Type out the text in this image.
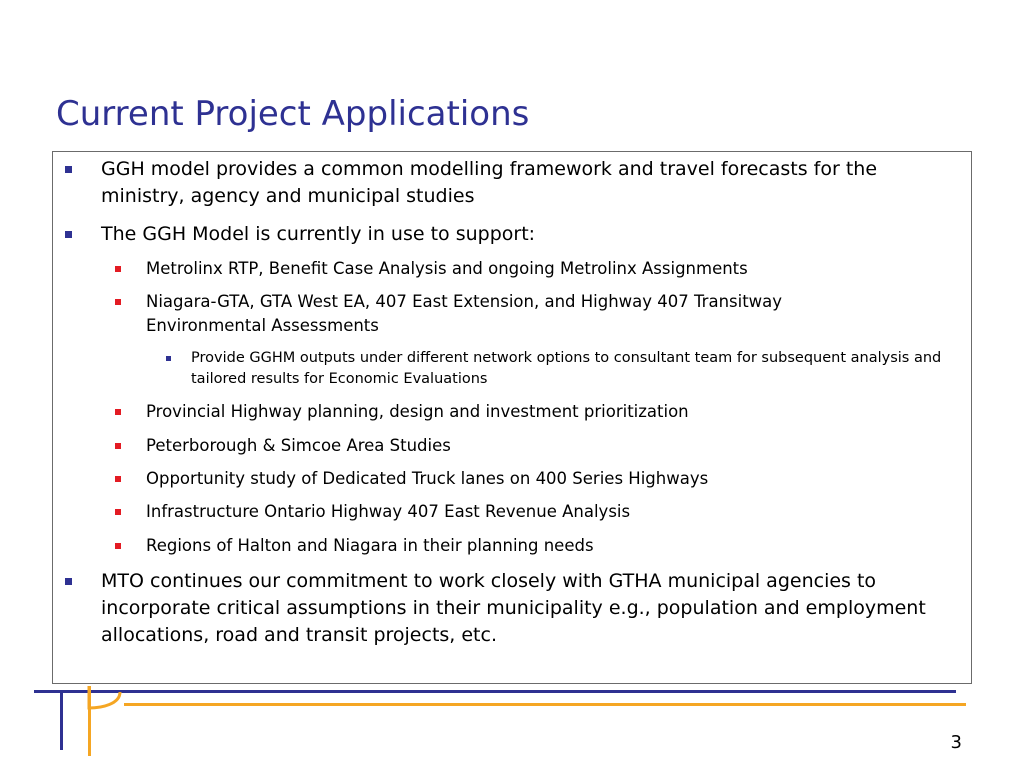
Current Project Applications
GGH model provides a common modelling framework and travel forecasts for the ministry, agency and municipal studies
The GGH Model is currently in use to support:
Metrolinx RTP, Benefit Case Analysis and ongoing Metrolinx Assignments
Niagara-GTA, GTA West EA, 407 East Extension, and Highway 407 Transitway Environmental Assessments
Provide GGHM outputs under different network options to consultant team for subsequent analysis and tailored results for Economic Evaluations
Provincial Highway planning, design and investment prioritization
Peterborough & Simcoe Area Studies
Opportunity study of Dedicated Truck lanes on 400 Series Highways
Infrastructure Ontario Highway 407 East Revenue Analysis
Regions of Halton and Niagara in their planning needs
MTO continues our commitment to work closely with GTHA municipal agencies to incorporate critical assumptions in their municipality e.g., population and employment allocations, road and transit projects, etc.
3
